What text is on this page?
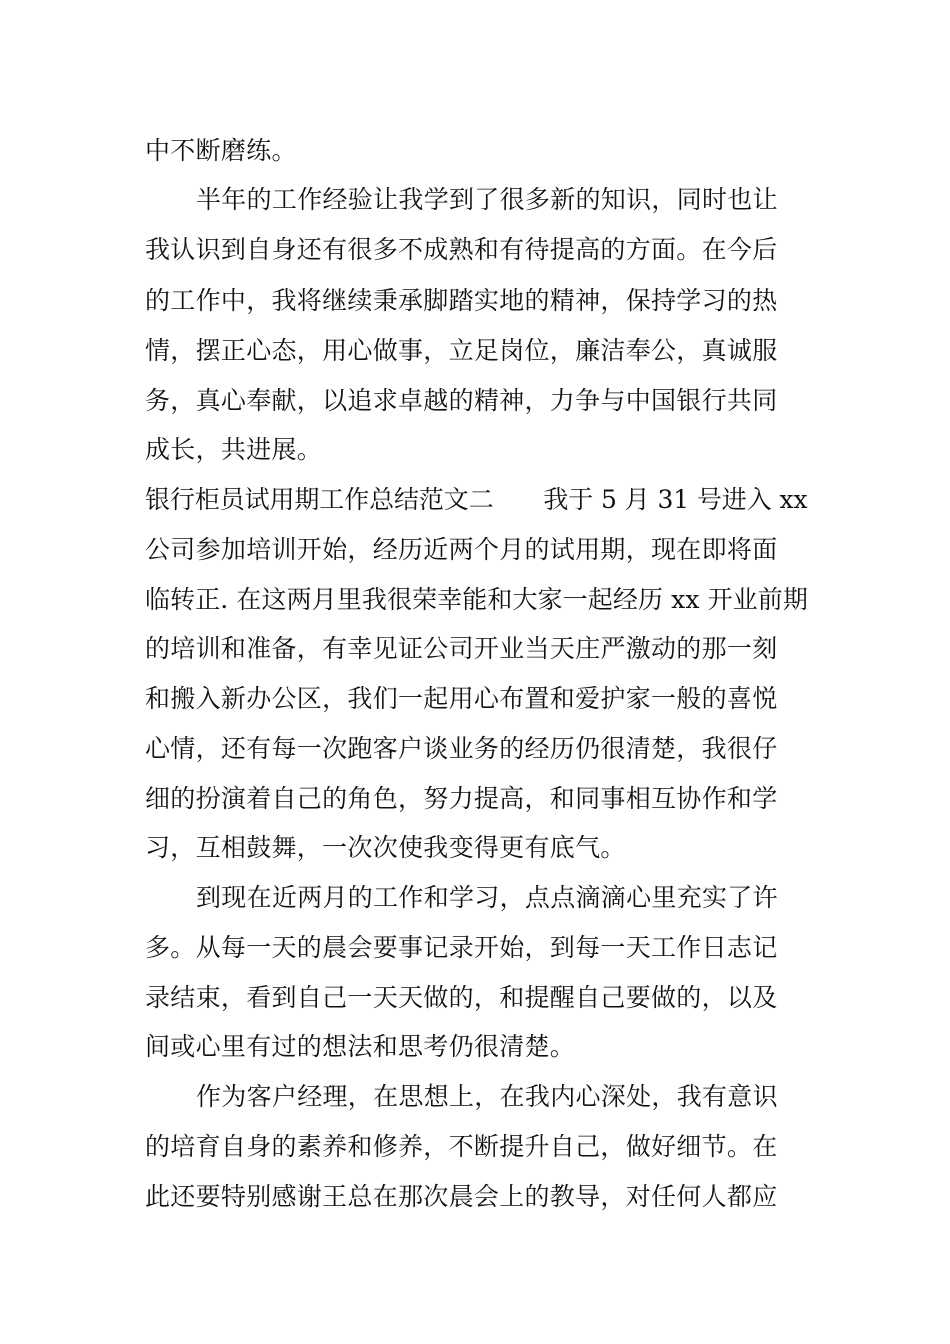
中不断磨练。
半年的工作经验让我学到了很多新的知识，同时也让
我认识到自身还有很多不成熟和有待提高的方面。在今后
的工作中，我将继续秉承脚踏实地的精神，保持学习的热
情，摆正心态，用心做事，立足岗位，廉洁奉公，真诚服
务，真心奉献，以追求卓越的精神，力争与中国银行共同
成长，共进展。
银行柜员试用期工作总结范文二　　我于 5 月 31 号进入 xx
公司参加培训开始，经历近两个月的试用期，现在即将面
临转正. 在这两月里我很荣幸能和大家一起经历 xx 开业前期
的培训和准备，有幸见证公司开业当天庄严激动的那一刻
和搬入新办公区，我们一起用心布置和爱护家一般的喜悦
心情，还有每一次跑客户谈业务的经历仍很清楚，我很仔
细的扮演着自己的角色，努力提高，和同事相互协作和学
习，互相鼓舞，一次次使我变得更有底气。
到现在近两月的工作和学习，点点滴滴心里充实了许
多。从每一天的晨会要事记录开始，到每一天工作日志记
录结束，看到自己一天天做的，和提醒自己要做的，以及
间或心里有过的想法和思考仍很清楚。
作为客户经理，在思想上，在我内心深处，我有意识
的培育自身的素养和修养，不断提升自己，做好细节。在
此还要特别感谢王总在那次晨会上的教导，对任何人都应
